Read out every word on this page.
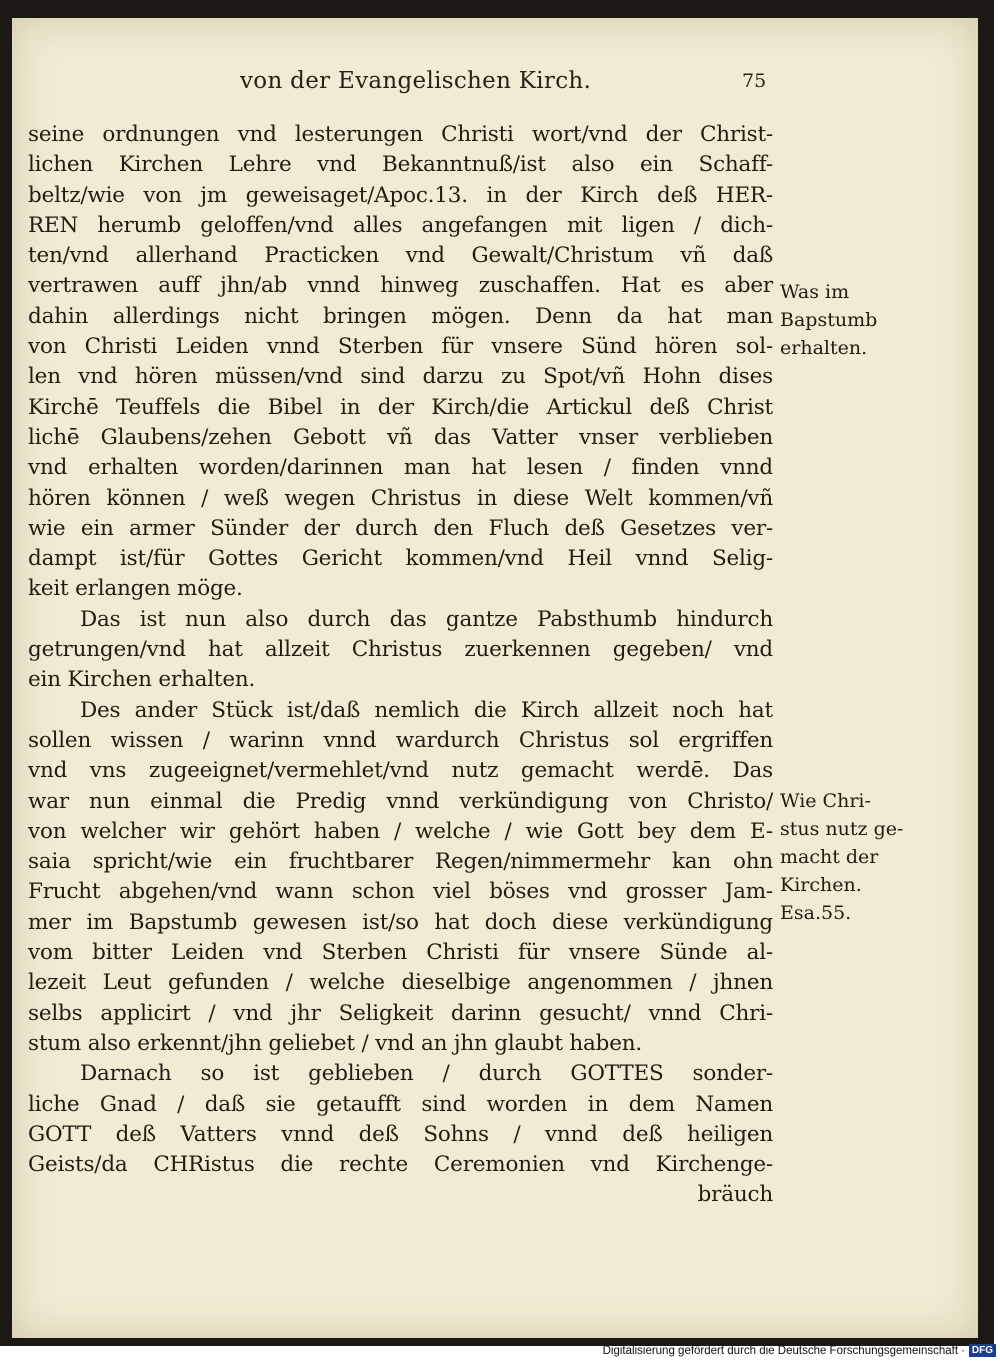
von der Evangelischen Kirch.	75
seine ordnungen vnd lesterungen Christi wort/vnd der Christ-
lichen Kirchen Lehre vnd Bekanntnuß/ist also ein Schaff-
beltz/wie von jm geweisaget/Apoc.13. in der Kirch deß HER-
REN herumb geloffen/vnd alles angefangen mit ligen / dich-
ten/vnd allerhand Practicken vnd Gewalt/Christum vñ daß
vertrawen auff jhn/ab vnnd hinweg zuschaffen. Hat es aber
dahin allerdings nicht bringen mögen. Denn da hat man
von Christi Leiden vnnd Sterben für vnsere Sünd hören sol-
len vnd hören müssen/vnd sind darzu zu Spot/vñ Hohn dises
Kirchē Teuffels die Bibel in der Kirch/die Artickul deß Christ
lichē Glaubens/zehen Gebott vñ das Vatter vnser verblieben
vnd erhalten worden/darinnen man hat lesen / finden vnnd
hören können / weß wegen Christus in diese Welt kommen/vñ
wie ein armer Sünder der durch den Fluch deß Gesetzes ver-
dampt ist/für Gottes Gericht kommen/vnd Heil vnnd Selig-
keit erlangen möge.
Das ist nun also durch das gantze Pabsthumb hindurch
getrungen/vnd hat allzeit Christus zuerkennen gegeben/ vnd
ein Kirchen erhalten.
Des ander Stück ist/daß nemlich die Kirch allzeit noch hat
sollen wissen / warinn vnnd wardurch Christus sol ergriffen
vnd vns zugeeignet/vermehlet/vnd nutz gemacht werdē. Das
war nun einmal die Predig vnnd verkündigung von Christo/
von welcher wir gehört haben / welche / wie Gott bey dem E-
saia spricht/wie ein fruchtbarer Regen/nimmermehr kan ohn
Frucht abgehen/vnd wann schon viel böses vnd grosser Jam-
mer im Bapstumb gewesen ist/so hat doch diese verkündigung
vom bitter Leiden vnd Sterben Christi für vnsere Sünde al-
lezeit Leut gefunden / welche dieselbige angenommen / jhnen
selbs applicirt / vnd jhr Seligkeit darinn gesucht/ vnnd Chri-
stum also erkennt/jhn geliebet / vnd an jhn glaubt haben.
Darnach so ist geblieben / durch GOTTES sonder-
liche Gnad / daß sie getaufft sind worden in dem Namen
GOTT deß Vatters vnnd deß Sohns / vnnd deß heiligen
Geists/da CHRistus die rechte Ceremonien vnd Kirchenge-
bräuch
Was im
Bapstumb
erhalten.
Wie Chri-
stus nutz ge-
macht der
Kirchen.
Esa.55.
Digitalisierung gefördert durch die Deutsche Forschungsgemeinschaft · DFG
